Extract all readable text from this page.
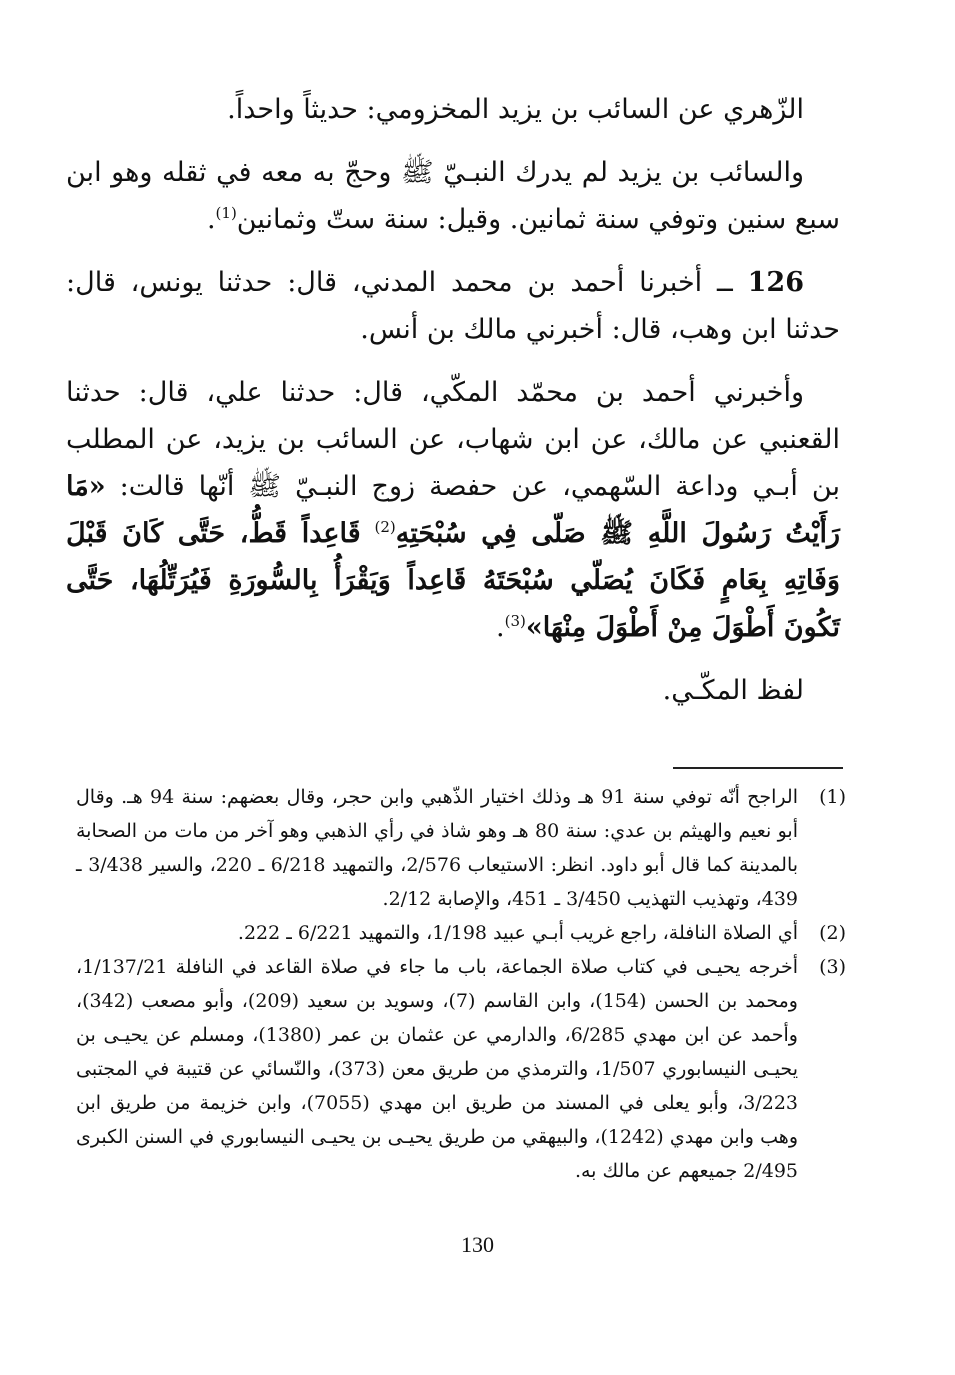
الزّهري عن السائب بن يزيد المخزومي: حديثاً واحداً.

والسائب بن يزيد لم يدرك النبـيّ ﷺ وحجّ به معه في ثقله وهو ابن سبع سنين وتوفي سنة ثمانين. وقيل: سنة ستّ وثمانين$^{(1)}$.

126 ــ أخبرنا أحمد بن محمد المدني، قال: حدثنا يونس، قال: حدثنا ابن وهب، قال: أخبرني مالك بن أنس.

وأخبرني أحمد بن محمّد المكّي، قال: حدثنا علي، قال: حدثنا القعنبي عن مالك، عن ابن شهاب، عن السائب بن يزيد، عن المطلب بن أبـي وداعة السّهمي، عن حفصة زوج النبـيّ ﷺ أنّها قالت: «مَا رَأَيْتُ رَسُولَ اللَّهِ ﷺ صَلّى فِي سُبْحَتِهِ$^{(2)}$ قَاعِداً قَطُّ، حَتَّى كَانَ قَبْلَ وَفَاتِهِ بِعَامٍ فَكَانَ يُصَلّي سُبْحَتَهُ قَاعِداً وَيَقْرَأُ بِالسُّورَةِ فَيُرَتِّلُهَا، حَتَّى تَكُونَ أَطْوَلَ مِنْ أَطْوَلَ مِنْهَا»$^{(3)}$.

لفظ المكّـي.

(1)
الراجح أنّه توفي سنة 91 هـ وذلك اختيار الذّهبي وابن حجر، وقال بعضهم: سنة 94 هـ. وقال أبو نعيم والهيثم بن عدي: سنة 80 هـ وهو شاذ في رأي الذهبي وهو آخر من مات من الصحابة بالمدينة كما قال أبو داود. انظر: الاستيعاب 2/576، والتمهيد 6/218 ـ 220، والسير 3/438 ـ 439، وتهذيب التهذيب 3/450 ـ 451، والإصابة 2/12.
(2)
أي الصلاة النافلة، راجع غريب أبـي عبيد 1/198، والتمهيد 6/221 ـ 222.
(3)
أخرجه يحيـى في كتاب صلاة الجماعة، باب ما جاء في صلاة القاعد في النافلة 1/137/21، ومحمد بن الحسن (154)، وابن القاسم (7)، وسويد بن سعيد (209)، وأبو مصعب (342)، وأحمد عن ابن مهدي 6/285، والدارمي عن عثمان بن عمر (1380)، ومسلم عن يحيـى بن يحيـى النيسابوري 1/507، والترمذي من طريق معن (373)، والنّسائي عن قتيبة في المجتبى 3/223، وأبو يعلى في المسند من طريق ابن مهدي (7055)، وابن خزيمة من طريق ابن وهب وابن مهدي (1242)، والبيهقي من طريق يحيـى بن يحيـى النيسابوري في السنن الكبرى 2/495 جميعهم عن مالك به.
130
